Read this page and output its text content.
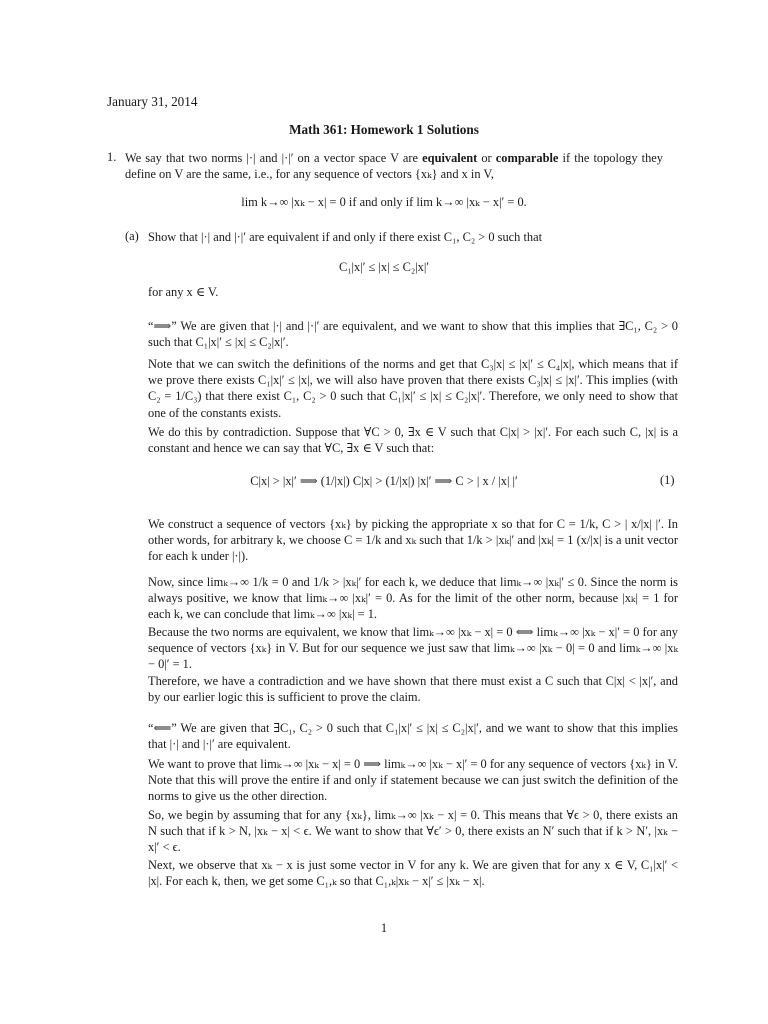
January 31, 2014
Math 361: Homework 1 Solutions
1. We say that two norms |·| and |·|′ on a vector space V are equivalent or comparable if the topology they define on V are the same, i.e., for any sequence of vectors {xₖ} and x in V,
lim k→∞ |xₖ − x| = 0 if and only if lim k→∞ |xₖ − x|′ = 0.
(a) Show that |·| and |·|′ are equivalent if and only if there exist C₁, C₂ > 0 such that
C₁|x|′ ≤ |x| ≤ C₂|x|′
for any x ∈ V.
“⟹” We are given that |·| and |·|′ are equivalent, and we want to show that this implies that ∃C₁, C₂ > 0 such that C₁|x|′ ≤ |x| ≤ C₂|x|′.
Note that we can switch the definitions of the norms and get that C₃|x| ≤ |x|′ ≤ C₄|x|, which means that if we prove there exists C₁|x|′ ≤ |x|, we will also have proven that there exists C₃|x| ≤ |x|′. This implies (with C₂ = 1/C₃) that there exist C₁, C₂ > 0 such that C₁|x|′ ≤ |x| ≤ C₂|x|′. Therefore, we only need to show that one of the constants exists.
We do this by contradiction. Suppose that ∀C > 0, ∃x ∈ V such that C|x| > |x|′. For each such C, |x| is a constant and hence we can say that ∀C, ∃x ∈ V such that:
C|x| > |x|′ ⟹ (1/|x|) C|x| > (1/|x|) |x|′ ⟹ C > | x / |x| |′	(1)
We construct a sequence of vectors {xₖ} by picking the appropriate x so that for C = 1/k, C > | x/|x| |′. In other words, for arbitrary k, we choose C = 1/k and xₖ such that 1/k > |xₖ|′ and |xₖ| = 1 (x/|x| is a unit vector for each k under |·|).
Now, since limₖ→∞ 1/k = 0 and 1/k > |xₖ|′ for each k, we deduce that limₖ→∞ |xₖ|′ ≤ 0. Since the norm is always positive, we know that limₖ→∞ |xₖ|′ = 0. As for the limit of the other norm, because |xₖ| = 1 for each k, we can conclude that limₖ→∞ |xₖ| = 1.
Because the two norms are equivalent, we know that limₖ→∞ |xₖ − x| = 0 ⟺ limₖ→∞ |xₖ − x|′ = 0 for any sequence of vectors {xₖ} in V. But for our sequence we just saw that limₖ→∞ |xₖ − 0| = 0 and limₖ→∞ |xₖ − 0|′ = 1.
Therefore, we have a contradiction and we have shown that there must exist a C such that C|x| < |x|′, and by our earlier logic this is sufficient to prove the claim.
“⟸” We are given that ∃C₁, C₂ > 0 such that C₁|x|′ ≤ |x| ≤ C₂|x|′, and we want to show that this implies that |·| and |·|′ are equivalent.
We want to prove that limₖ→∞ |xₖ − x| = 0 ⟹ limₖ→∞ |xₖ − x|′ = 0 for any sequence of vectors {xₖ} in V. Note that this will prove the entire if and only if statement because we can just switch the definition of the norms to give us the other direction.
So, we begin by assuming that for any {xₖ}, limₖ→∞ |xₖ − x| = 0. This means that ∀ϵ > 0, there exists an N such that if k > N, |xₖ − x| < ϵ. We want to show that ∀ϵ′ > 0, there exists an N′ such that if k > N′, |xₖ − x|′ < ϵ.
Next, we observe that xₖ − x is just some vector in V for any k. We are given that for any x ∈ V, C₁|x|′ < |x|. For each k, then, we get some C₁,ₖ so that C₁,ₖ|xₖ − x|′ ≤ |xₖ − x|.
1
